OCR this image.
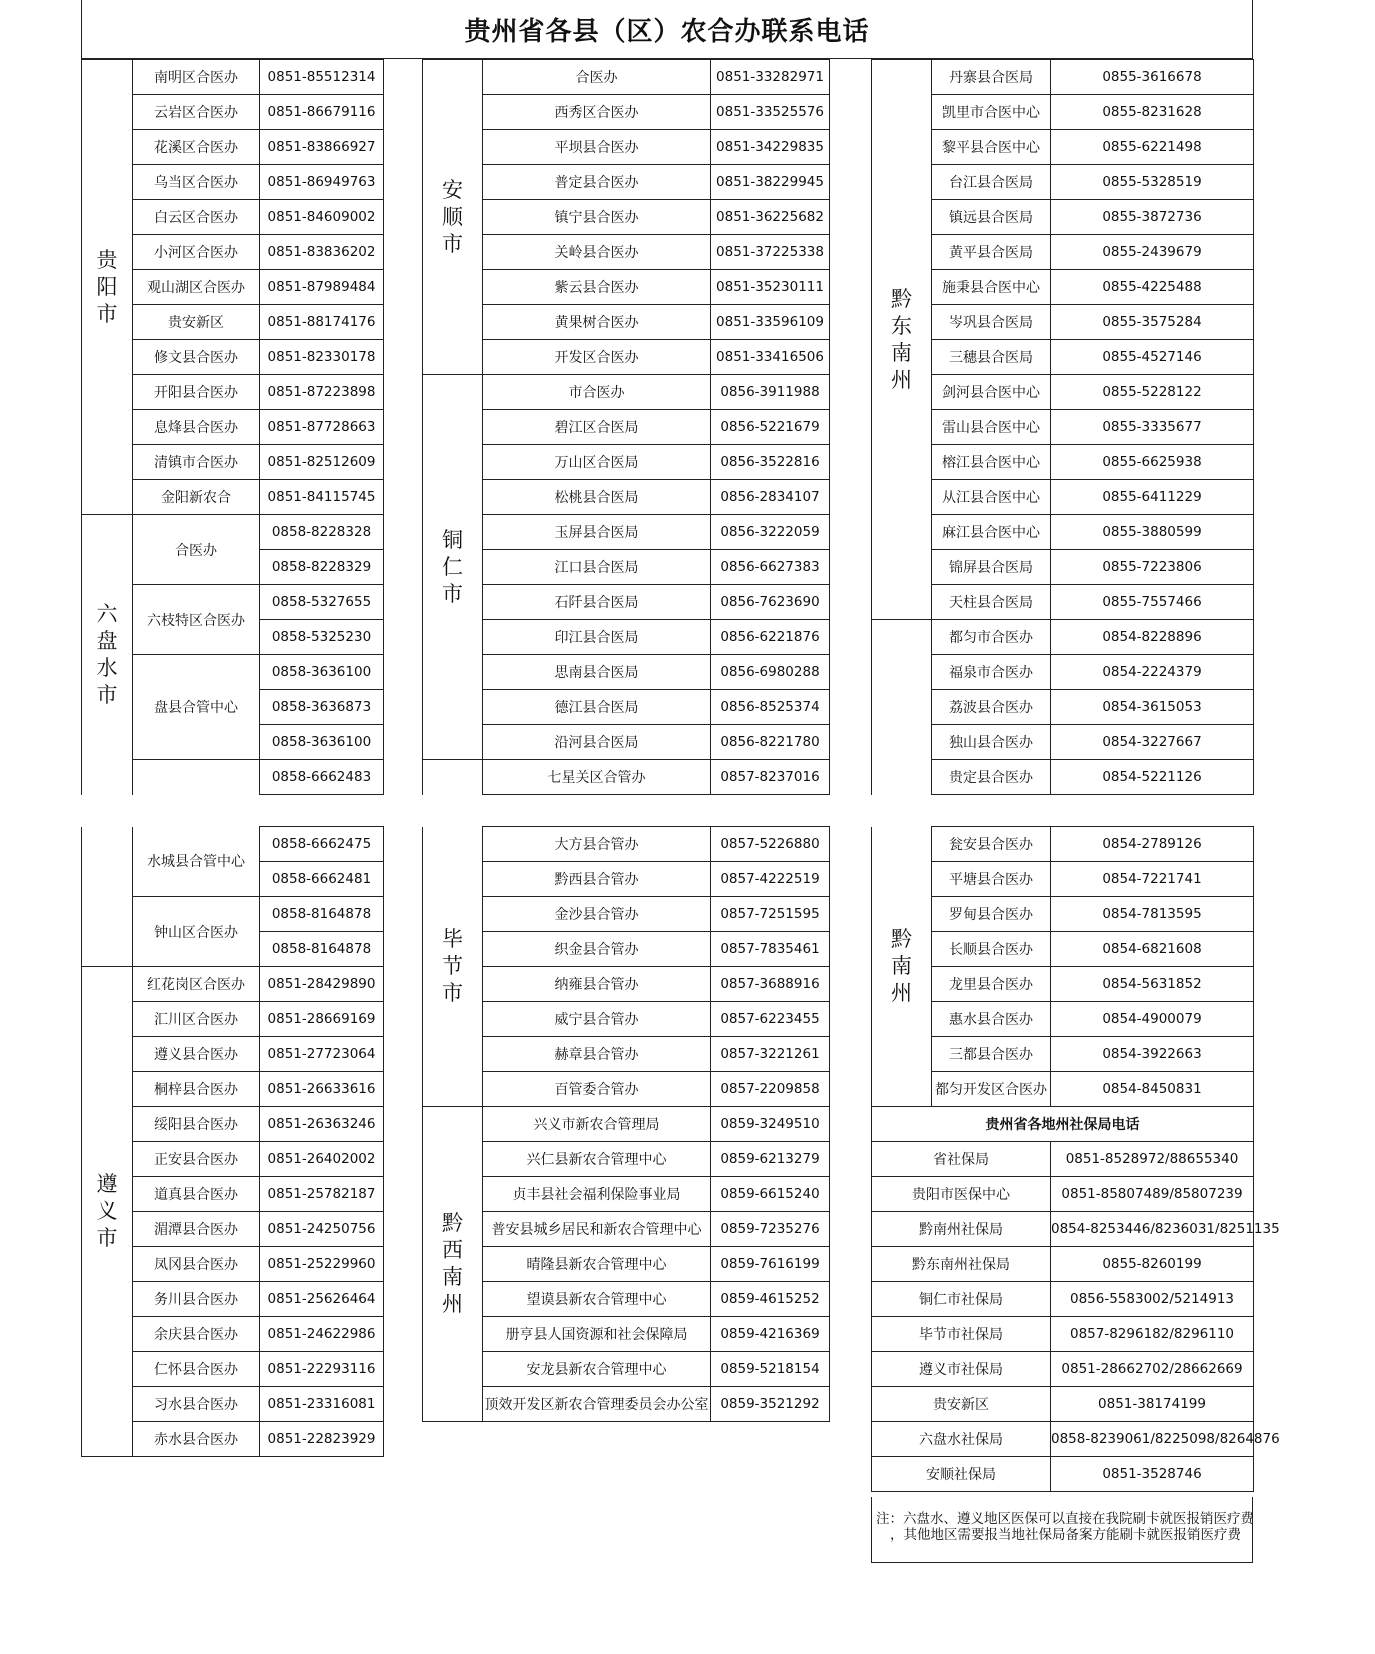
贵州省各县（区）农合办联系电话
贵阳市	南明区合医办	0851-85512314
	云岩区合医办	0851-86679116
	花溪区合医办	0851-83866927
	乌当区合医办	0851-86949763
	白云区合医办	0851-84609002
	小河区合医办	0851-83836202
	观山湖区合医办	0851-87989484
	贵安新区	0851-88174176
	修文县合医办	0851-82330178
	开阳县合医办	0851-87223898
	息烽县合医办	0851-87728663
	清镇市合医办	0851-82512609
	金阳新农合	0851-84115745
六盘水市	合医办	0858-8228328
		0858-8228329
	六枝特区合医办	0858-5327655
		0858-5325230
	盘县合管中心	0858-3636100
		0858-3636873
		0858-3636100
		0858-6662483
	水城县合管中心	0858-6662475
		0858-6662481
	钟山区合医办	0858-8164878
		0858-8164878
遵义市	红花岗区合医办	0851-28429890
	汇川区合医办	0851-28669169
	遵义县合医办	0851-27723064
	桐梓县合医办	0851-26633616
	绥阳县合医办	0851-26363246
	正安县合医办	0851-26402002
	道真县合医办	0851-25782187
	湄潭县合医办	0851-24250756
	凤冈县合医办	0851-25229960
	务川县合医办	0851-25626464
	余庆县合医办	0851-24622986
	仁怀县合医办	0851-22293116
	习水县合医办	0851-23316081
	赤水县合医办	0851-22823929
安顺市	合医办	0851-33282971
	西秀区合医办	0851-33525576
	平坝县合医办	0851-34229835
	普定县合医办	0851-38229945
	镇宁县合医办	0851-36225682
	关岭县合医办	0851-37225338
	紫云县合医办	0851-35230111
	黄果树合医办	0851-33596109
	开发区合医办	0851-33416506
铜仁市	市合医办	0856-3911988
	碧江区合医局	0856-5221679
	万山区合医局	0856-3522816
	松桃县合医局	0856-2834107
	玉屏县合医局	0856-3222059
	江口县合医局	0856-6627383
	石阡县合医局	0856-7623690
	印江县合医局	0856-6221876
	思南县合医局	0856-6980288
	德江县合医局	0856-8525374
	沿河县合医局	0856-8221780
	七星关区合管办	0857-8237016
毕节市	大方县合管办	0857-5226880
	黔西县合管办	0857-4222519
	金沙县合管办	0857-7251595
	织金县合管办	0857-7835461
	纳雍县合管办	0857-3688916
	威宁县合管办	0857-6223455
	赫章县合管办	0857-3221261
	百管委合管办	0857-2209858
黔西南州	兴义市新农合管理局	0859-3249510
	兴仁县新农合管理中心	0859-6213279
	贞丰县社会福利保险事业局	0859-6615240
	普安县城乡居民和新农合管理中心	0859-7235276
	晴隆县新农合管理中心	0859-7616199
	望谟县新农合管理中心	0859-4615252
	册亨县人国资源和社会保障局	0859-4216369
	安龙县新农合管理中心	0859-5218154
	顶效开发区新农合管理委员会办公室	0859-3521292
黔东南州	丹寨县合医局	0855-3616678
	凯里市合医中心	0855-8231628
	黎平县合医中心	0855-6221498
	台江县合医局	0855-5328519
	镇远县合医局	0855-3872736
	黄平县合医局	0855-2439679
	施秉县合医中心	0855-4225488
	岑巩县合医局	0855-3575284
	三穗县合医局	0855-4527146
	剑河县合医中心	0855-5228122
	雷山县合医中心	0855-3335677
	榕江县合医中心	0855-6625938
	从江县合医中心	0855-6411229
	麻江县合医中心	0855-3880599
	锦屏县合医局	0855-7223806
	天柱县合医局	0855-7557466
	都匀市合医办	0854-8228896
	福泉市合医办	0854-2224379
	荔波县合医办	0854-3615053
	独山县合医办	0854-3227667
	贵定县合医办	0854-5221126
黔南州	瓮安县合医办	0854-2789126
	平塘县合医办	0854-7221741
	罗甸县合医办	0854-7813595
	长顺县合医办	0854-6821608
	龙里县合医办	0854-5631852
	惠水县合医办	0854-4900079
	三都县合医办	0854-3922663
	都匀开发区合医办	0854-8450831
贵州省各地州社保局电话		
省社保局		0851-8528972/88655340
贵阳市医保中心		0851-85807489/85807239
黔南州社保局		0854-8253446/8236031/8251135
黔东南州社保局		0855-8260199
铜仁市社保局		0856-5583002/5214913
毕节市社保局		0857-8296182/8296110
遵义市社保局		0851-28662702/28662669
贵安新区		0851-38174199
六盘水社保局		0858-8239061/8225098/8264876
安顺社保局		0851-3528746
注：六盘水、遵义地区医保可以直接在我院刷卡就医报销医疗费
，其他地区需要报当地社保局备案方能刷卡就医报销医疗费
